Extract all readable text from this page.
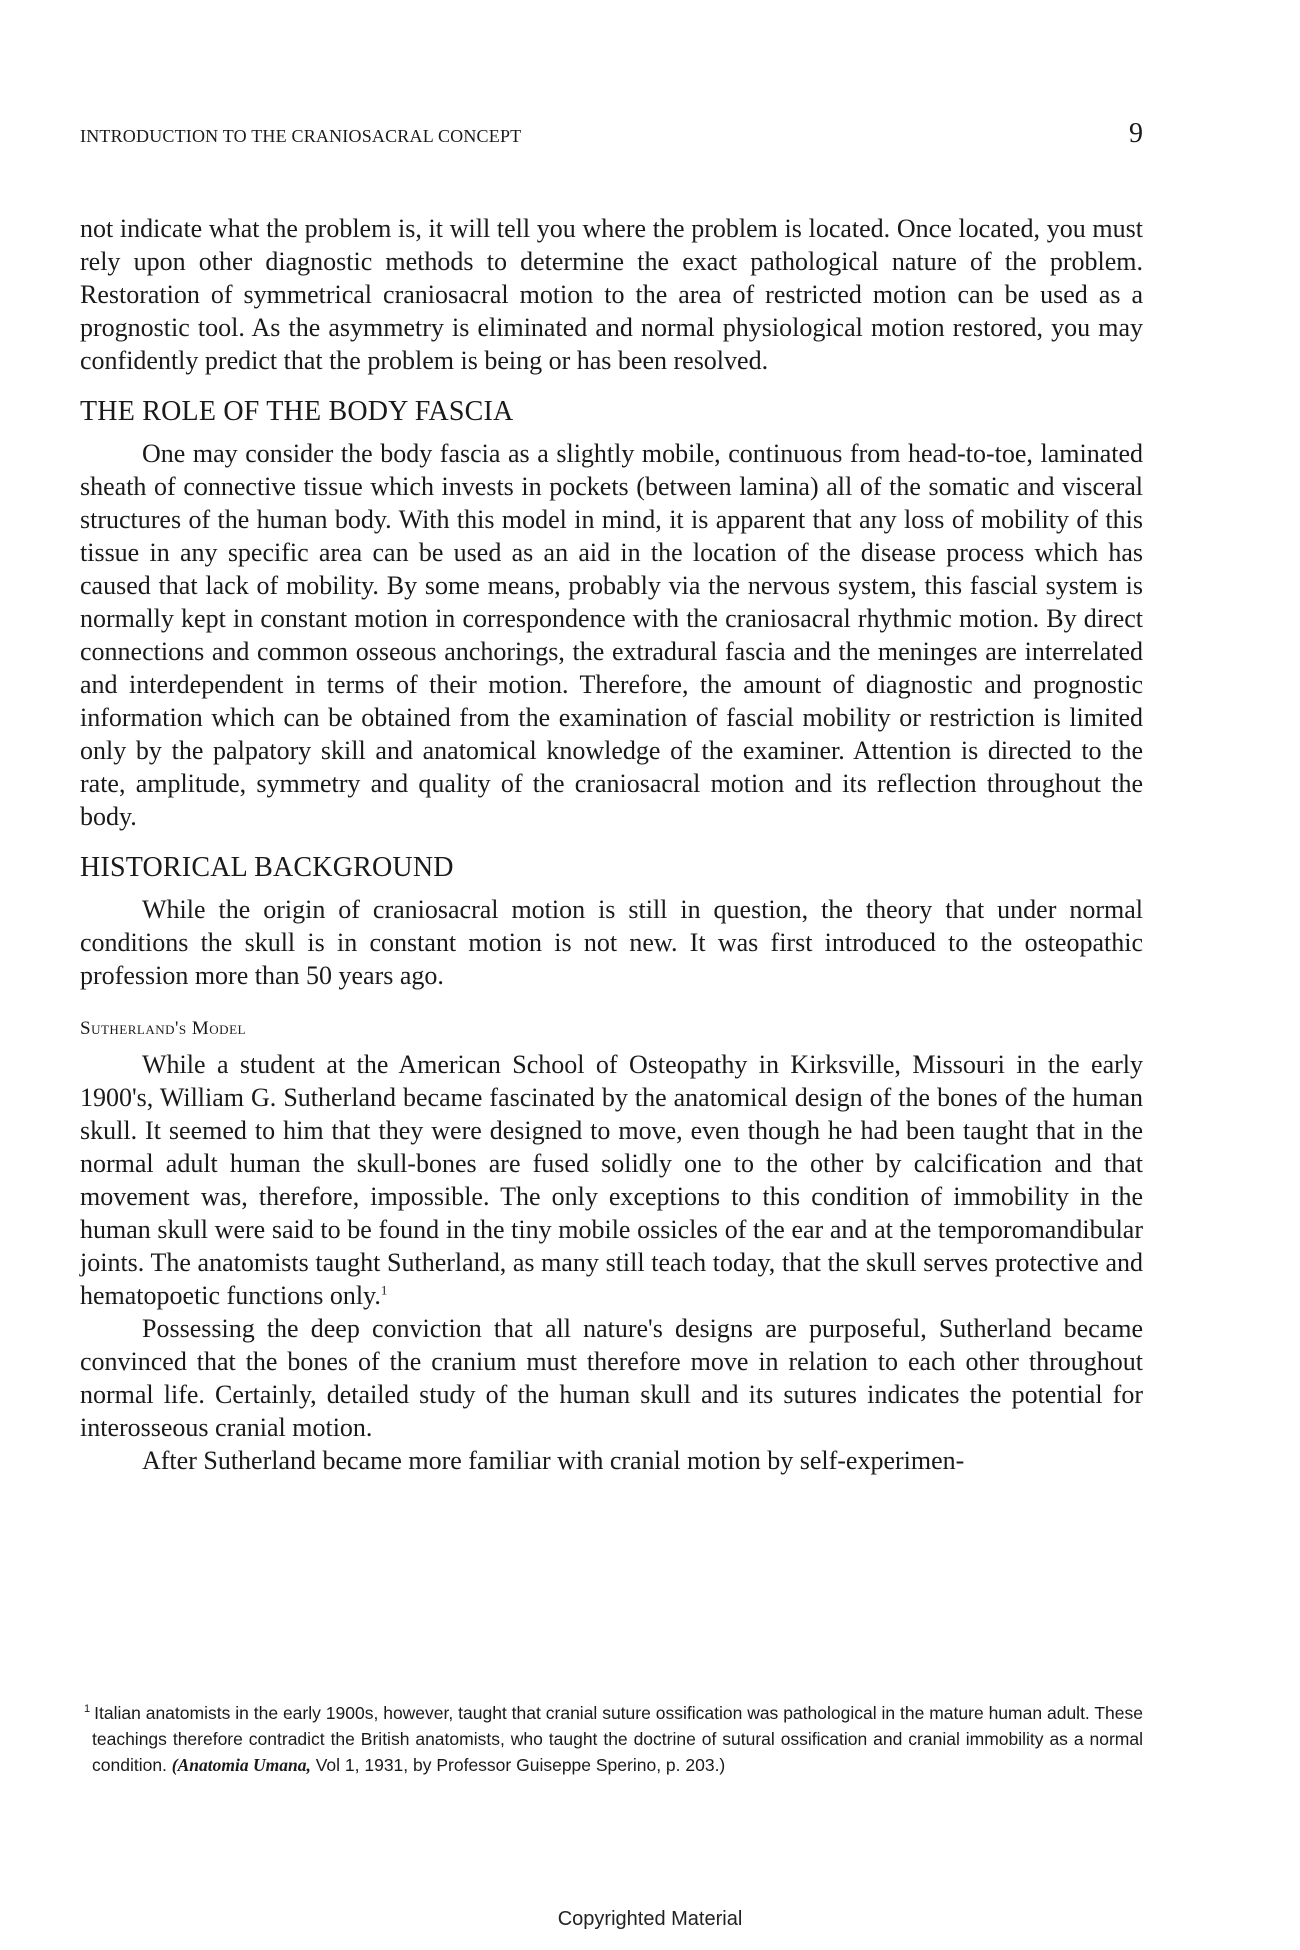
INTRODUCTION TO THE CRANIOSACRAL CONCEPT	9

not indicate what the problem is, it will tell you where the problem is located. Once located, you must rely upon other diagnostic methods to determine the exact pathological nature of the problem. Restoration of symmetrical craniosacral motion to the area of restricted motion can be used as a prognostic tool. As the asymmetry is eliminated and normal physiological motion restored, you may confidently predict that the problem is being or has been resolved.

THE ROLE OF THE BODY FASCIA

One may consider the body fascia as a slightly mobile, continuous from head-to-toe, laminated sheath of connective tissue which invests in pockets (between lamina) all of the somatic and visceral structures of the human body. With this model in mind, it is apparent that any loss of mobility of this tissue in any specific area can be used as an aid in the location of the disease process which has caused that lack of mobility. By some means, probably via the nervous system, this fascial system is normally kept in constant motion in correspondence with the craniosacral rhythmic motion. By direct connections and common osseous anchorings, the extradural fascia and the meninges are interrelated and interdependent in terms of their motion. Therefore, the amount of diagnostic and prognostic information which can be obtained from the examination of fascial mobility or restriction is limited only by the palpatory skill and anatomical knowledge of the examiner. Attention is directed to the rate, amplitude, symmetry and quality of the craniosacral motion and its reflection throughout the body.

HISTORICAL BACKGROUND

While the origin of craniosacral motion is still in question, the theory that under normal conditions the skull is in constant motion is not new. It was first introduced to the osteopathic profession more than 50 years ago.

Sutherland's Model

While a student at the American School of Osteopathy in Kirksville, Missouri in the early 1900's, William G. Sutherland became fascinated by the anatomical design of the bones of the human skull. It seemed to him that they were designed to move, even though he had been taught that in the normal adult human the skull-bones are fused solidly one to the other by calcification and that movement was, therefore, impossible. The only exceptions to this condition of immobility in the human skull were said to be found in the tiny mobile ossicles of the ear and at the temporomandibular joints. The anatomists taught Sutherland, as many still teach today, that the skull serves protective and hematopoetic functions only.$^1$

Possessing the deep conviction that all nature's designs are purposeful, Sutherland became convinced that the bones of the cranium must therefore move in relation to each other throughout normal life. Certainly, detailed study of the human skull and its sutures indicates the potential for interosseous cranial motion.

After Sutherland became more familiar with cranial motion by self-experimen-

$^1$ Italian anatomists in the early 1900s, however, taught that cranial suture ossification was pathological in the mature human adult. These teachings therefore contradict the British anatomists, who taught the doctrine of sutural ossification and cranial immobility as a normal condition. (Anatomia Umana, Vol 1, 1931, by Professor Guiseppe Sperino, p. 203.)
Copyrighted Material
